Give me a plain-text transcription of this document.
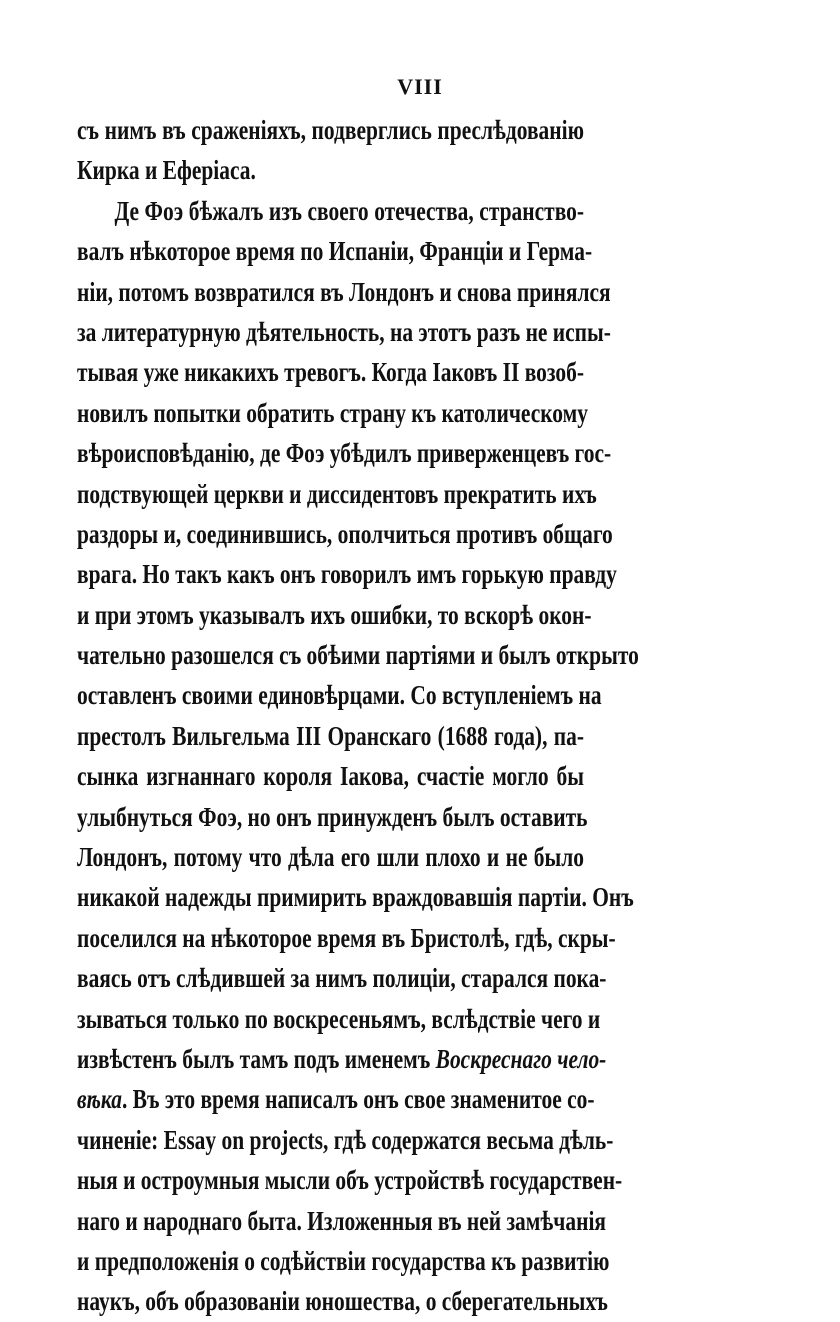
VIII
съ нимъ въ сраженіяхъ, подверглись преслѣдованію
Кирка и Еферіаса.
Де Фоэ бѣжалъ изъ своего отечества, странство-
валъ нѣкоторое время по Испаніи, Франціи и Герма-
ніи, потомъ возвратился въ Лондонъ и снова принялся
за литературную дѣятельность, на этотъ разъ не испы-
тывая уже никакихъ тревогъ. Когда Іаковъ II возоб-
новилъ попытки обратить страну къ католическому
вѣроисповѣданію, де Фоэ убѣдилъ приверженцевъ гос-
подствующей церкви и диссидентовъ прекратить ихъ
раздоры и, соединившись, ополчиться противъ общаго
врага. Но такъ какъ онъ говорилъ имъ горькую правду
и при этомъ указывалъ ихъ ошибки, то вскорѣ окон-
чательно разошелся съ обѣими партіями и былъ открыто
оставленъ своими единовѣрцами. Со вступленіемъ на
престолъ Вильгельма III Оранскаго (1688 года), па-
сынка изгнаннаго короля Іакова, счастіе могло бы
улыбнуться Фоэ, но онъ принужденъ былъ оставить
Лондонъ, потому что дѣла его шли плохо и не было
никакой надежды примирить враждовавшія партіи. Онъ
поселился на нѣкоторое время въ Бристолѣ, гдѣ, скры-
ваясь отъ слѣдившей за нимъ полиціи, старался пока-
зываться только по воскресеньямъ, вслѣдствіе чего и
извѣстенъ былъ тамъ подъ именемъ Воскреснаго чело-
вѣка. Въ это время написалъ онъ свое знаменитое со-
чиненіе: Essay on projects, гдѣ содержатся весьма дѣль-
ныя и остроумныя мысли объ устройствѣ государствен-
наго и народнаго быта. Изложенныя въ ней замѣчанія
и предположенія о содѣйствіи государства къ развитію
наукъ, объ образованіи юношества, о сберегательныхъ
